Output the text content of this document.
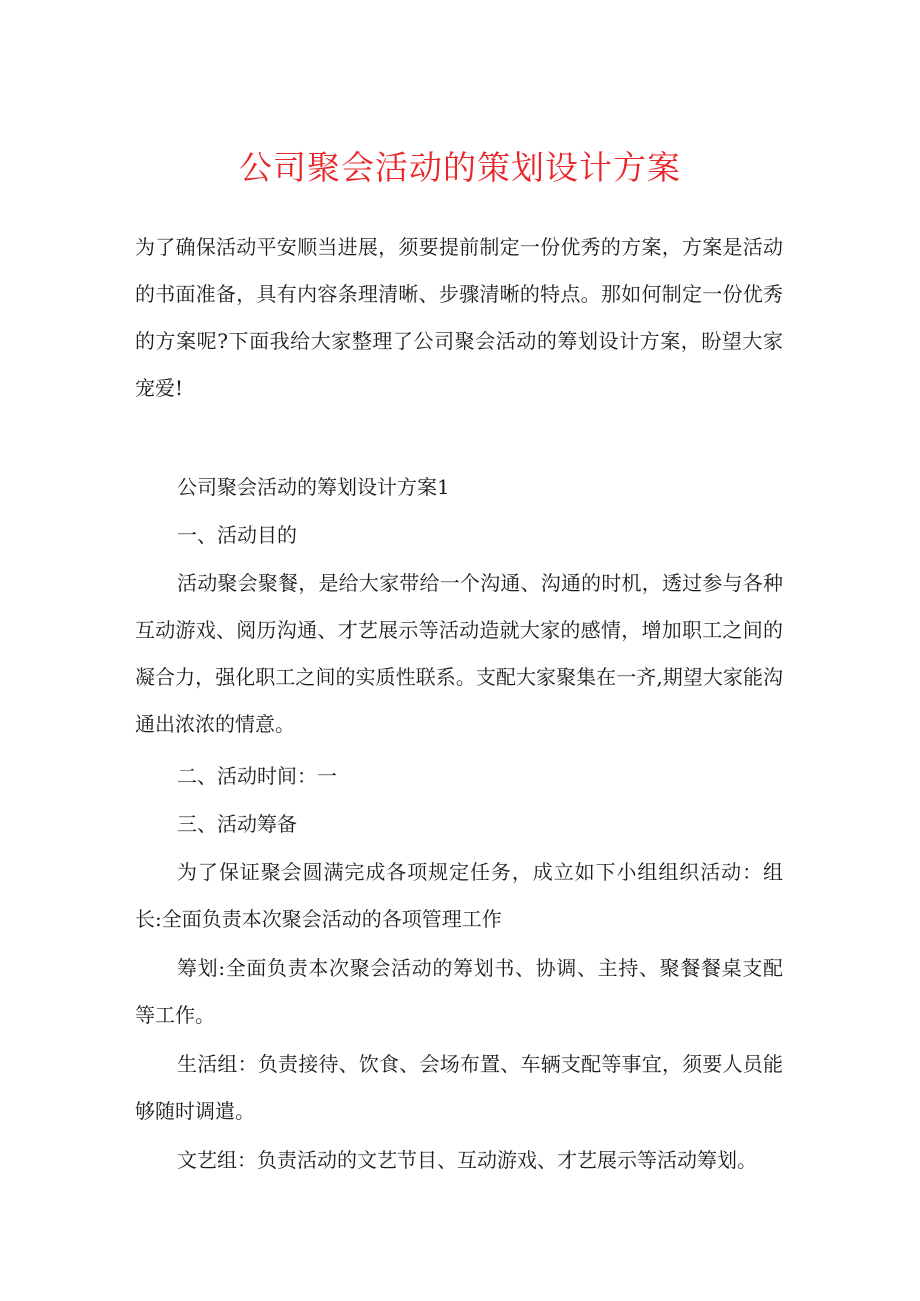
公司聚会活动的策划设计方案

为了确保活动平安顺当进展，须要提前制定一份优秀的方案，方案是活动的书面准备，具有内容条理清晰、步骤清晰的特点。那如何制定一份优秀的方案呢?下面我给大家整理了公司聚会活动的筹划设计方案，盼望大家宠爱!

公司聚会活动的筹划设计方案1

一、活动目的

活动聚会聚餐，是给大家带给一个沟通、沟通的时机，透过参与各种互动游戏、阅历沟通、才艺展示等活动造就大家的感情，增加职工之间的凝合力，强化职工之间的实质性联系。支配大家聚集在一齐,期望大家能沟通出浓浓的情意。

二、活动时间：一

三、活动筹备

为了保证聚会圆满完成各项规定任务，成立如下小组组织活动：组长:全面负责本次聚会活动的各项管理工作

筹划:全面负责本次聚会活动的筹划书、协调、主持、聚餐餐桌支配等工作。

生活组：负责接待、饮食、会场布置、车辆支配等事宜，须要人员能够随时调遣。

文艺组：负责活动的文艺节目、互动游戏、才艺展示等活动筹划。
